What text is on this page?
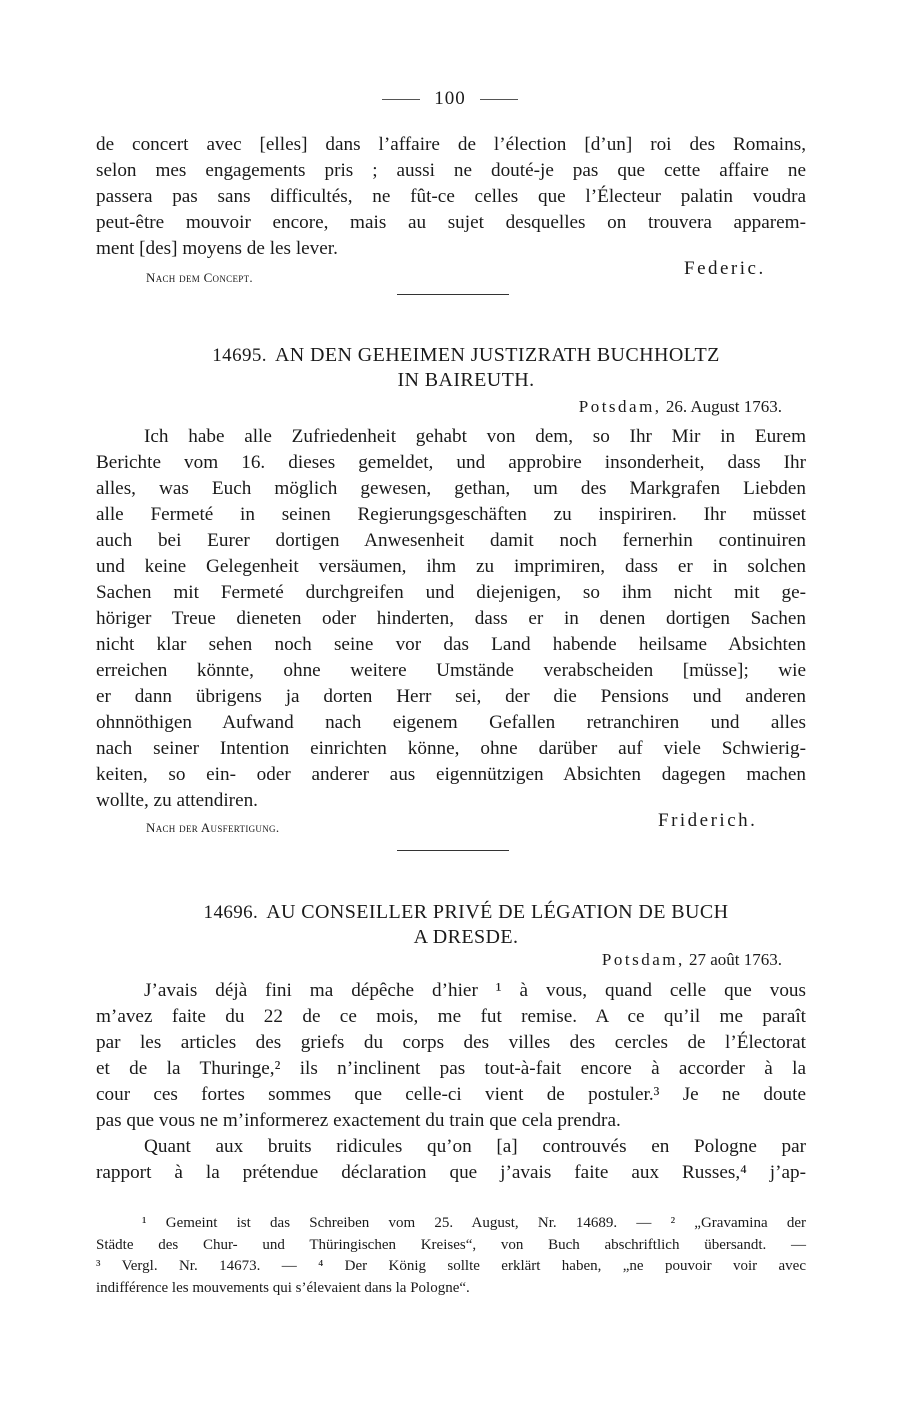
100
de concert avec [elles] dans l’affaire de l’élection [d’un] roi des Romains,
selon mes engagements pris ; aussi ne douté-je pas que cette affaire ne
passera pas sans difficultés, ne fût-ce celles que l’Électeur palatin voudra
peut-être mouvoir encore, mais au sujet desquelles on trouvera apparem-
ment [des] moyens de les lever.
Nach dem Concept.	Federic.
14695. AN DEN GEHEIMEN JUSTIZRATH BUCHHOLTZ
IN BAIREUTH.
Potsdam, 26. August 1763.
Ich habe alle Zufriedenheit gehabt von dem, so Ihr Mir in Eurem
Berichte vom 16. dieses gemeldet, und approbire insonderheit, dass Ihr
alles, was Euch möglich gewesen, gethan, um des Markgrafen Liebden
alle Fermeté in seinen Regierungsgeschäften zu inspiriren. Ihr müsset
auch bei Eurer dortigen Anwesenheit damit noch fernerhin continuiren
und keine Gelegenheit versäumen, ihm zu imprimiren, dass er in solchen
Sachen mit Fermeté durchgreifen und diejenigen, so ihm nicht mit ge-
höriger Treue dieneten oder hinderten, dass er in denen dortigen Sachen
nicht klar sehen noch seine vor das Land habende heilsame Absichten
erreichen könnte, ohne weitere Umstände verabscheiden [müsse]; wie
er dann übrigens ja dorten Herr sei, der die Pensions und anderen
ohnnöthigen Aufwand nach eigenem Gefallen retranchiren und alles
nach seiner Intention einrichten könne, ohne darüber auf viele Schwierig-
keiten, so ein- oder anderer aus eigennützigen Absichten dagegen machen
wollte, zu attendiren.
Nach der Ausfertigung.	Friderich.
14696. AU CONSEILLER PRIVÉ DE LÉGATION DE BUCH
A DRESDE.
Potsdam, 27 août 1763.
J’avais déjà fini ma dépêche d’hier ¹ à vous, quand celle que vous
m’avez faite du 22 de ce mois, me fut remise. A ce qu’il me paraît
par les articles des griefs du corps des villes des cercles de l’Électorat
et de la Thuringe,² ils n’inclinent pas tout-à-fait encore à accorder à la
cour ces fortes sommes que celle-ci vient de postuler.³ Je ne doute
pas que vous ne m’informerez exactement du train que cela prendra.
Quant aux bruits ridicules qu’on [a] controuvés en Pologne par
rapport à la prétendue déclaration que j’avais faite aux Russes,⁴ j’ap-
¹ Gemeint ist das Schreiben vom 25. August, Nr. 14689. — ² „Gravamina der
Städte des Chur- und Thüringischen Kreises“, von Buch abschriftlich übersandt. —
³ Vergl. Nr. 14673. — ⁴ Der König sollte erklärt haben, „ne pouvoir voir avec
indifférence les mouvements qui s’élevaient dans la Pologne“.
